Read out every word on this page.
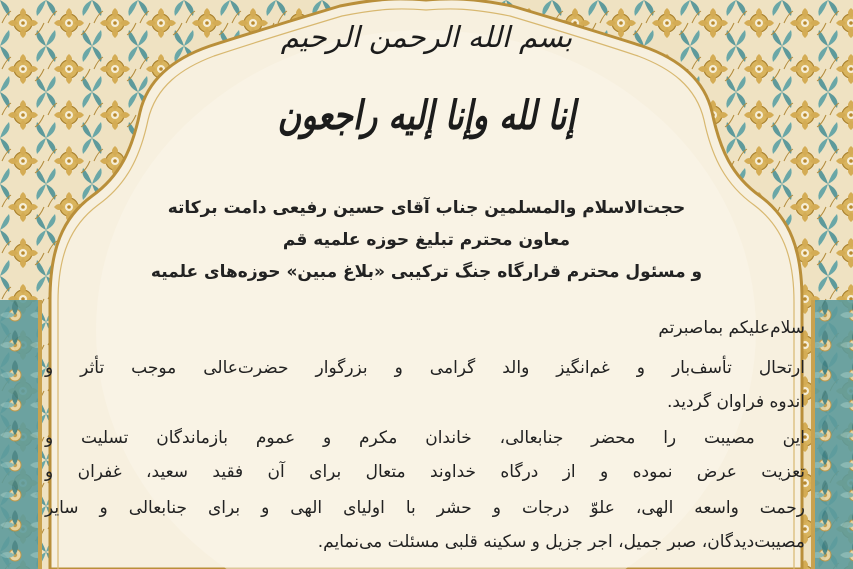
بسم الله الرحمن الرحيم
إنا لله وإنا إليه راجعون
حجت‌الاسلام والمسلمین جناب آقای حسین رفیعی دامت برکاته
معاون محترم تبلیغ حوزه علمیه قم
و مسئول محترم قرارگاه جنگ ترکیبی «بلاغ مبین» حوزه‌های علمیه
سلام‌علیکم بماصبرتم
ارتحال تأسف‌بار و غم‌انگیز والد گرامی و بزرگوار حضرت‌عالی موجب تأثر و
اندوه فراوان گردید.
این مصیبت را محضر جنابعالی، خاندان مکرم و عموم بازماندگان تسلیت و
تعزیت عرض نموده و از درگاه خداوند متعال برای آن فقید سعید، غفران و
رحمت واسعه الهی، علوّ درجات و حشر با اولیای الهی و برای جنابعالی و سایر
مصیبت‌دیدگان، صبر جمیل، اجر جزیل و سکینه قلبی مسئلت می‌نمایم.
